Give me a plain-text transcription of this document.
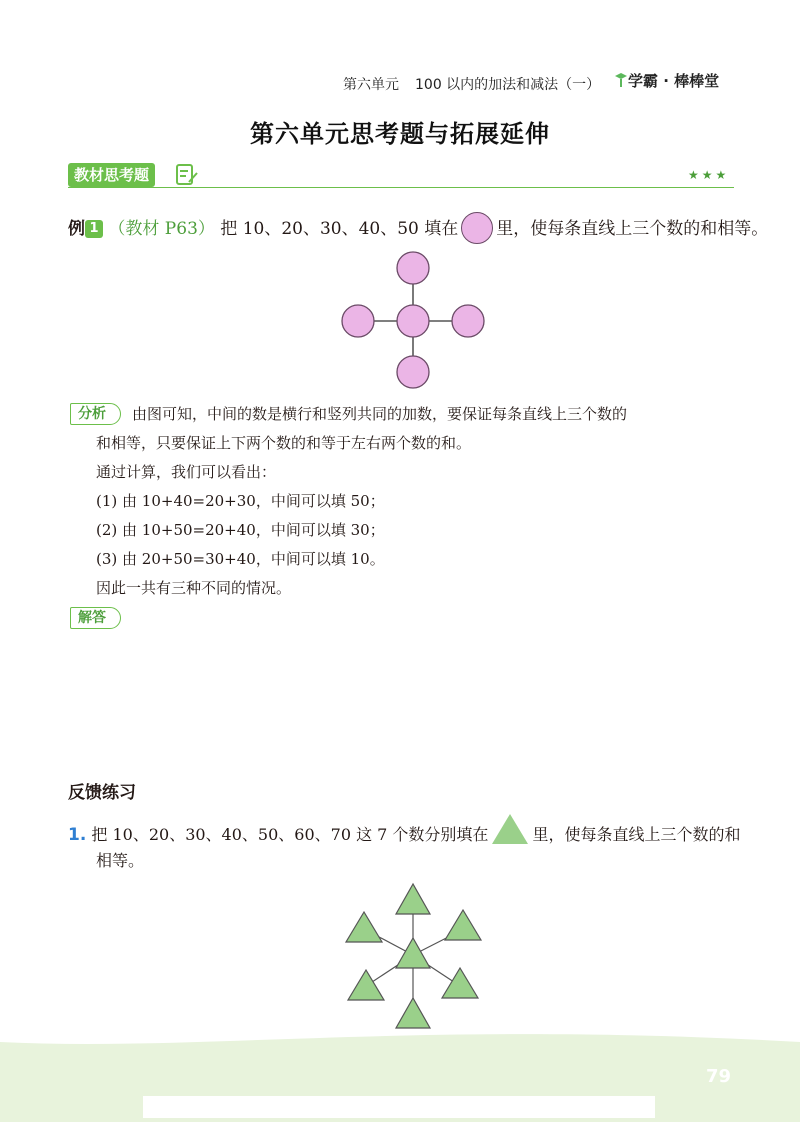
第六单元 100 以内的加法和减法（一）	学霸 · 棒棒堂
第六单元思考题与拓展延伸
教材思考题	★★★
例 1 （教材 P63） 把 10、20、30、40、50 填在 里，使每条直线上三个数的和相等。
分析	由图可知，中间的数是横行和竖列共同的加数，要保证每条直线上三个数的
和相等，只要保证上下两个数的和等于左右两个数的和。
通过计算，我们可以看出：
(1) 由 10+40=20+30，中间可以填 50；
(2) 由 10+50=20+40，中间可以填 30；
(3) 由 20+50=30+40，中间可以填 10。
因此一共有三种不同的情况。
解答
反馈练习
1. 把 10、20、30、40、50、60、70 这 7 个数分别填在	里，使每条直线上三个数的和
相等。
79
